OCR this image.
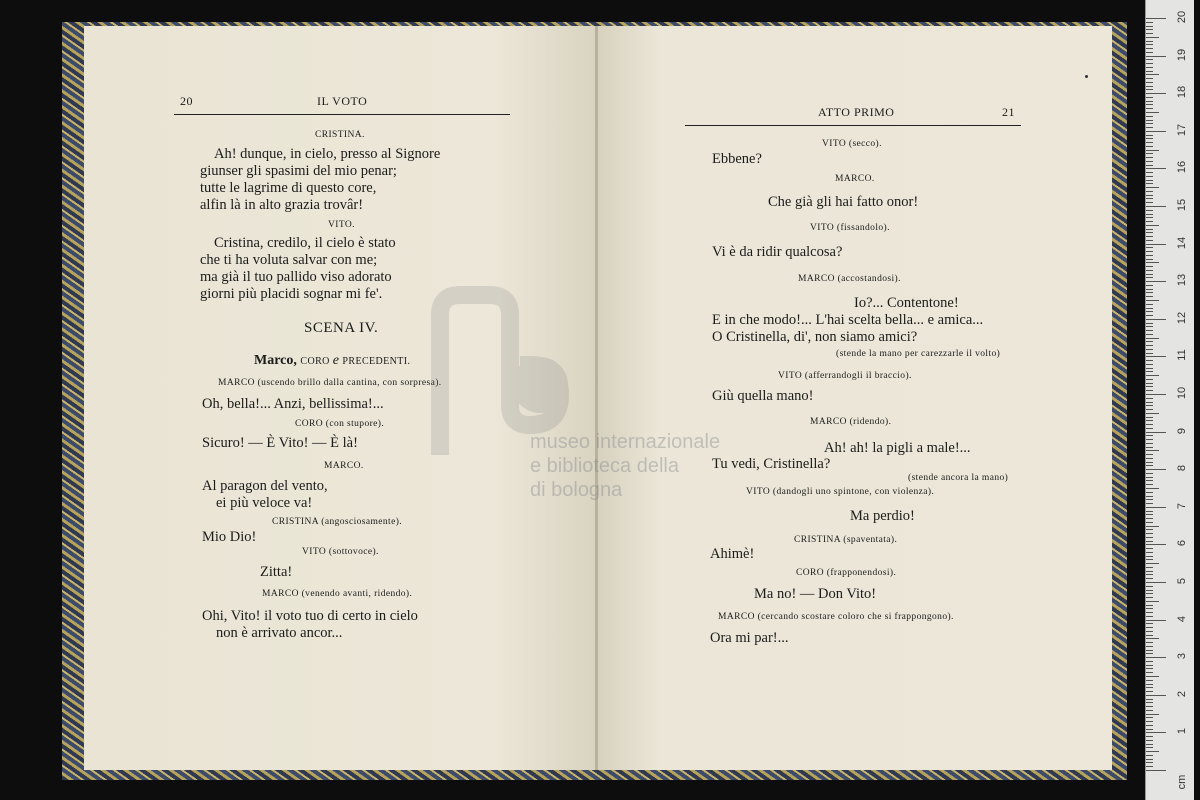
20	IL VOTO
CRISTINA.
Ah! dunque, in cielo, presso al Signore
giunser gli spasimi del mio penar;
tutte le lagrime di questo core,
alfin là in alto grazia trovâr!
VITO.
Cristina, credilo, il cielo è stato
che ti ha voluta salvar con me;
ma già il tuo pallido viso adorato
giorni più placidi sognar mi fe'.
SCENA IV.
Marco, CORO e PRECEDENTI.
MARCO (uscendo brillo dalla cantina, con sorpresa).
Oh, bella!... Anzi, bellissima!...
CORO (con stupore).
Sicuro! — È Vito! — È là!
MARCO.
Al paragon del vento,
ei più veloce va!
CRISTINA (angosciosamente).
Mio Dio!
VITO (sottovoce).
Zitta!
MARCO (venendo avanti, ridendo).
Ohi, Vito! il voto tuo di certo in cielo
non è arrivato ancor...
ATTO PRIMO	21
VITO (secco).
Ebbene?
MARCO.
Che già gli hai fatto onor!
VITO (fissandolo).
Vi è da ridir qualcosa?
MARCO (accostandosi).
Io?... Contentone!
E in che modo!... L'hai scelta bella... e amica...
O Cristinella, di', non siamo amici?
(stende la mano per carezzarle il volto)
VITO (afferrandogli il braccio).
Giù quella mano!
MARCO (ridendo).
Ah! ah! la pigli a male!...
Tu vedi, Cristinella?
(stende ancora la mano)
VITO (dandogli uno spintone, con violenza).
Ma perdio!
CRISTINA (spaventata).
Ahimè!
CORO (frapponendosi).
Ma no! — Don Vito!
MARCO (cercando scostare coloro che si frappongono).
Ora mi par!...
museo internazionale
e biblioteca della
di bologna
1
2
3
4
5
6
7
8
9
10
11
12
13
14
15
16
17
18
19
20
cm
